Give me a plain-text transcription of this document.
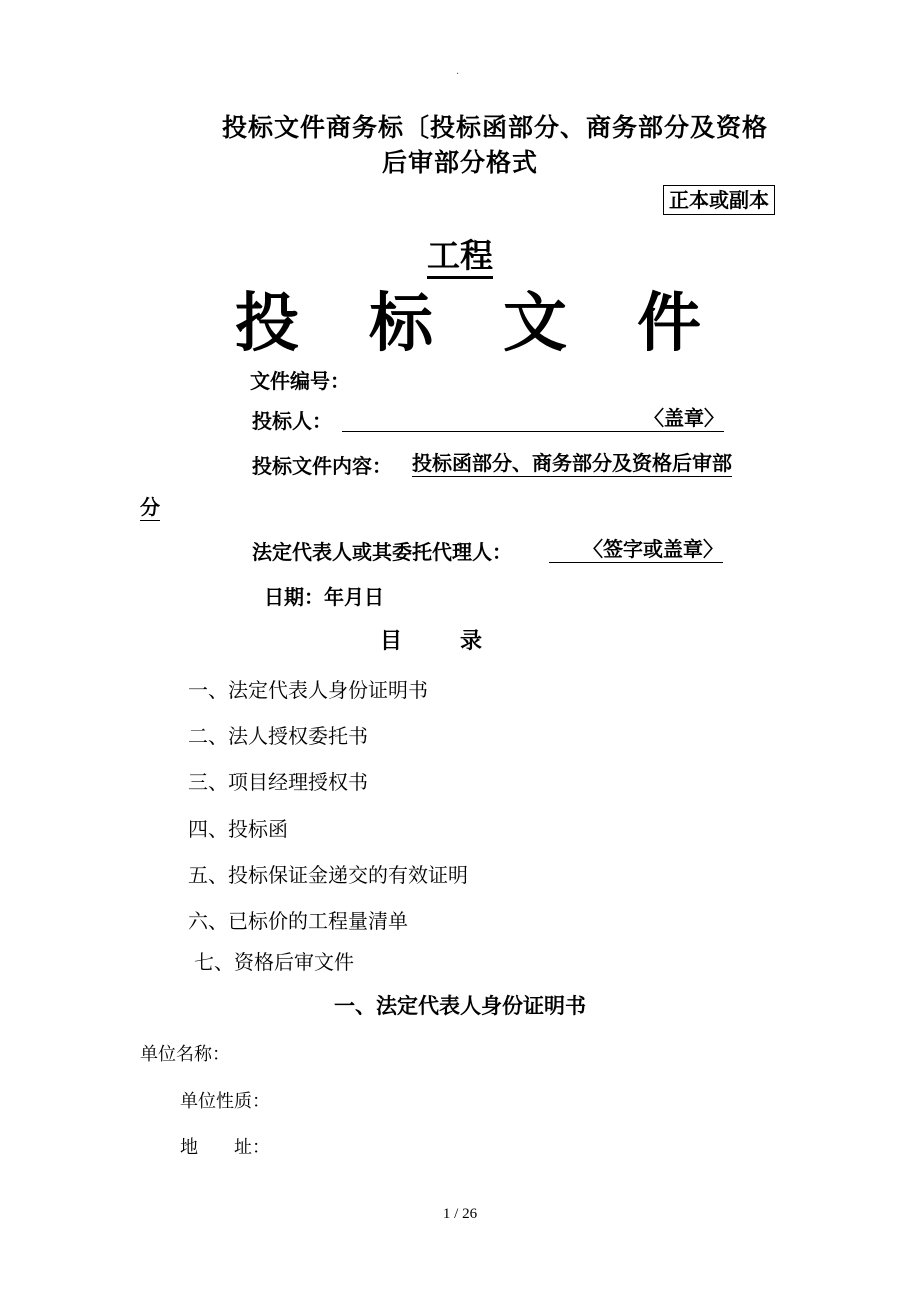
.
投标文件商务标〔投标函部分、商务部分及资格
后审部分格式
正本或副本
工程
投标文件
文件编号：
投标人：	〈盖章〉
投标文件内容： 投标函部分、商务部分及资格后审部
分
法定代表人或其委托代理人：	〈签字或盖章〉
日期：年月日
目录
一、法定代表人身份证明书
二、法人授权委托书
三、项目经理授权书
四、投标函
五、投标保证金递交的有效证明
六、已标价的工程量清单
七、资格后审文件
一、法定代表人身份证明书
单位名称：
单位性质：
地　　址：
1 / 26
